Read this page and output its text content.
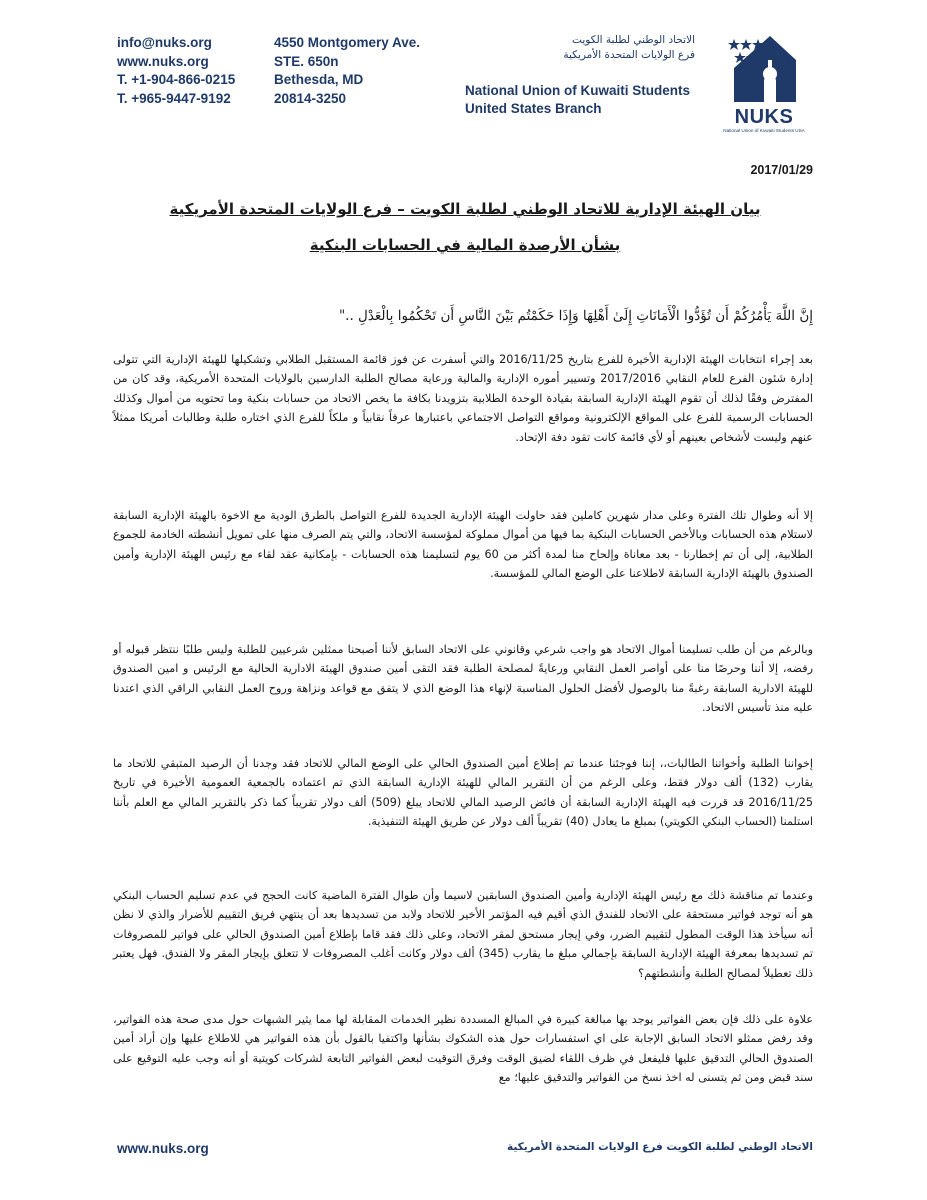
info@nuks.org
www.nuks.org
T. +1-904-866-0215
T. +965-9447-9192
4550 Montgomery Ave.
STE. 650n
Bethesda, MD
20814-3250
الاتحاد الوطني لطلبة الكويت
فرع الولايات المتحدة الأمريكية
National Union of Kuwaiti Students
United States Branch	NUKS
National Union of Kuwaiti Students USA
2017/01/29
بيان الهيئة الإدارية للاتحاد الوطني لطلبة الكويت – فرع الولايات المتحدة الأمريكية
بشأن الأرصدة المالية في الحسابات البنكية
إِنَّ اللَّهَ يَأْمُرُكُمْ أَن تُؤَدُّوا الْأَمَانَاتِ إِلَىٰ أَهْلِهَا وَإِذَا حَكَمْتُم بَيْنَ النَّاسِ أَن تَحْكُمُوا بِالْعَدْلِ .."

بعد إجراء انتخابات الهيئة الإدارية الأخيرة للفرع بتاريخ 2016/11/25 والتي أسفرت عن فوز قائمة المستقبل الطلابي وتشكيلها للهيئة الإدارية التي تتولى إدارة شئون الفرع للعام النقابي 2017/2016 وتسيير أموره الإدارية والمالية ورعاية مصالح الطلبة الدارسين بالولايات المتحدة الأمريكية، وقد كان من المفترض وفقًا لذلك أن تقوم الهيئة الإدارية السابقة بقيادة الوحدة الطلابية بتزويدنا بكافة ما يخص الاتحاد من حسابات بنكية وما تحتويه من أموال وكذلك الحسابات الرسمية للفرع على المواقع الإلكترونية ومواقع التواصل الاجتماعي باعتبارها عرفاً نقابياً و ملكاً للفرع الذي اختاره طلبة وطالبات أمريكا ممثلاً عنهم وليست لأشخاص بعينهم أو لأي قائمة كانت تقود دفة الإتحاد.

إلا أنه وطوال تلك الفترة وعلى مدار شهرين كاملين فقد حاولت الهيئة الإدارية الجديدة للفرع التواصل بالطرق الودية مع الاخوة بالهيئة الإدارية السابقة لاستلام هذه الحسابات وبالأخص الحسابات البنكية بما فيها من أموال مملوكة لمؤسسة الاتحاد، والتي يتم الصرف منها على تمويل أنشطته الخادمة للجموع الطلابية، إلى أن تم إخطارنا - بعد معاناة وإلحاح منا لمدة أكثر من 60 يوم لتسليمنا هذه الحسابات - بإمكانية عقد لقاء مع رئيس الهيئة الإدارية وأمين الصندوق بالهيئة الإدارية السابقة لاطلاعنا على الوضع المالي للمؤسسة.

وبالرغم من أن طلب تسليمنا أموال الاتحاد هو واجب شرعي وقانوني على الاتحاد السابق لأننا أصبحنا ممثلين شرعيين للطلبة وليس طلبًا ننتظر قبوله أو رفضه، إلا أننا وحرصًا منا على أواصر العمل النقابي ورعايةً لمصلحة الطلبة فقد التقى أمين صندوق الهيئة الادارية الحالية مع الرئيس و امين الصندوق للهيئة الادارية السابقة رغبةً منا بالوصول لأفضل الحلول المناسبة لإنهاء هذا الوضع الذي لا يتفق مع قواعد ونزاهة وروح العمل النقابي الراقي الذي اعتدنا عليه منذ تأسيس الاتحاد.

إخواننا الطلبة وأخواتنا الطالبات،، إننا فوجئنا عندما تم إطلاع أمين الصندوق الحالي على الوضع المالي للاتحاد فقد وجدنا أن الرصيد المتبقي للاتحاد ما يقارب (132) ألف دولار فقط، وعلى الرغم من أن التقرير المالي للهيئة الإدارية السابقة الذي تم اعتماده بالجمعية العمومية الأخيرة في تاريخ 2016/11/25 قد قررت فيه الهيئة الإدارية السابقة أن فائض الرصيد المالي للاتحاد يبلغ (509) ألف دولار تقريباً كما ذكر بالتقرير المالي مع العلم بأننا استلمنا (الحساب البنكي الكويتي) بمبلغ ما يعادل (40) تقريباً ألف دولار عن طريق الهيئة التنفيذية.

وعندما تم مناقشة ذلك مع رئيس الهيئة الإدارية وأمين الصندوق السابقين لاسيما وأن طوال الفترة الماضية كانت الحجج في عدم تسليم الحساب البنكي هو أنه توجد فواتير مستحقة على الاتحاد للفندق الذي أقيم فيه المؤتمر الأخير للاتحاد ولابد من تسديدها بعد أن ينتهي فريق التقييم للأضرار والذي لا نظن أنه سيأخذ هذا الوقت المطول لتقييم الضرر، وفي إيجار مستحق لمقر الاتحاد، وعلى ذلك فقد قاما بإطلاع أمين الصندوق الحالي على فواتير للمصروفات تم تسديدها بمعرفة الهيئة الإدارية السابقة بإجمالي مبلغ ما يقارب (345) ألف دولار وكانت أغلب المصروفات لا تتعلق بإيجار المقر ولا الفندق. فهل يعتبر ذلك تعطيلاً لمصالح الطلبة وأنشطتهم؟

علاوة على ذلك فإن بعض الفواتير يوجد بها مبالغة كبيرة في المبالغ المسددة نظير الخدمات المقابلة لها مما يثير الشبهات حول مدى صحة هذه الفواتير، وقد رفض ممثلو الاتحاد السابق الإجابة على اي استفسارات حول هذه الشكوك بشأنها واكتفيا بالقول بأن هذه الفواتير هي للاطلاع عليها وإن أراد أمين الصندوق الحالي التدقيق عليها فليفعل في ظرف اللقاء لضيق الوقت وفرق التوقيت لبعض الفواتير التابعة لشركات كويتية أو أنه وجب عليه التوقيع على سند قبض ومن ثم يتسنى له اخذ نسخ من الفواتير والتدقيق عليها؛ مع

www.nuks.org	الاتحاد الوطني لطلبة الكويت فرع الولايات المتحدة الأمريكية
